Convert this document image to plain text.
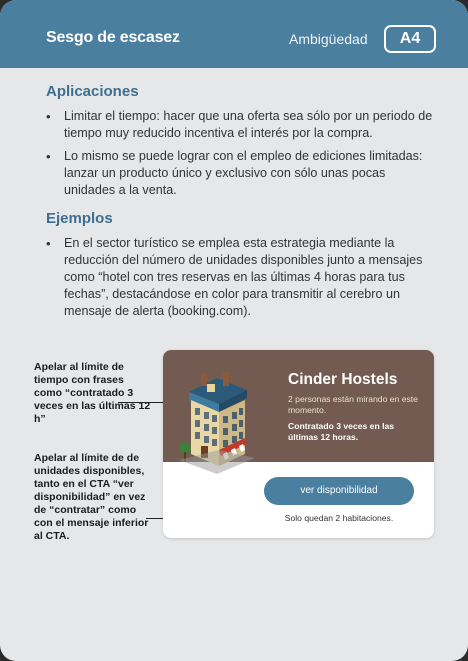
Sesgo de escasez	Ambigüedad	A4
Aplicaciones
• Limitar el tiempo: hacer que una oferta sea sólo por un periodo de tiempo muy reducido incentiva el interés por la compra.
• Lo mismo se puede lograr con el empleo de ediciones limitadas: lanzar un producto único y exclusivo con sólo unas pocas unidades a la venta.
Ejemplos
• En el sector turístico se emplea esta estrategia mediante la reducción del número de unidades disponibles junto a mensajes como “hotel con tres reservas en las últimas 4 horas para tus fechas”, destacándose en color para transmitir al cerebro un mensaje de alerta (booking.com).
Apelar al límite de tiempo con frases como “contratado 3 veces en las últimas 12 h”
Apelar al límite de de unidades disponibles, tanto en el CTA “ver disponibilidad” en vez de “contratar” como con el mensaje inferior al CTA.
Cinder Hostels
2 personas están mirando en este momento.
Contratado 3 veces en las últimas 12 horas.
ver disponibilidad
Solo quedan 2 habitaciones.
